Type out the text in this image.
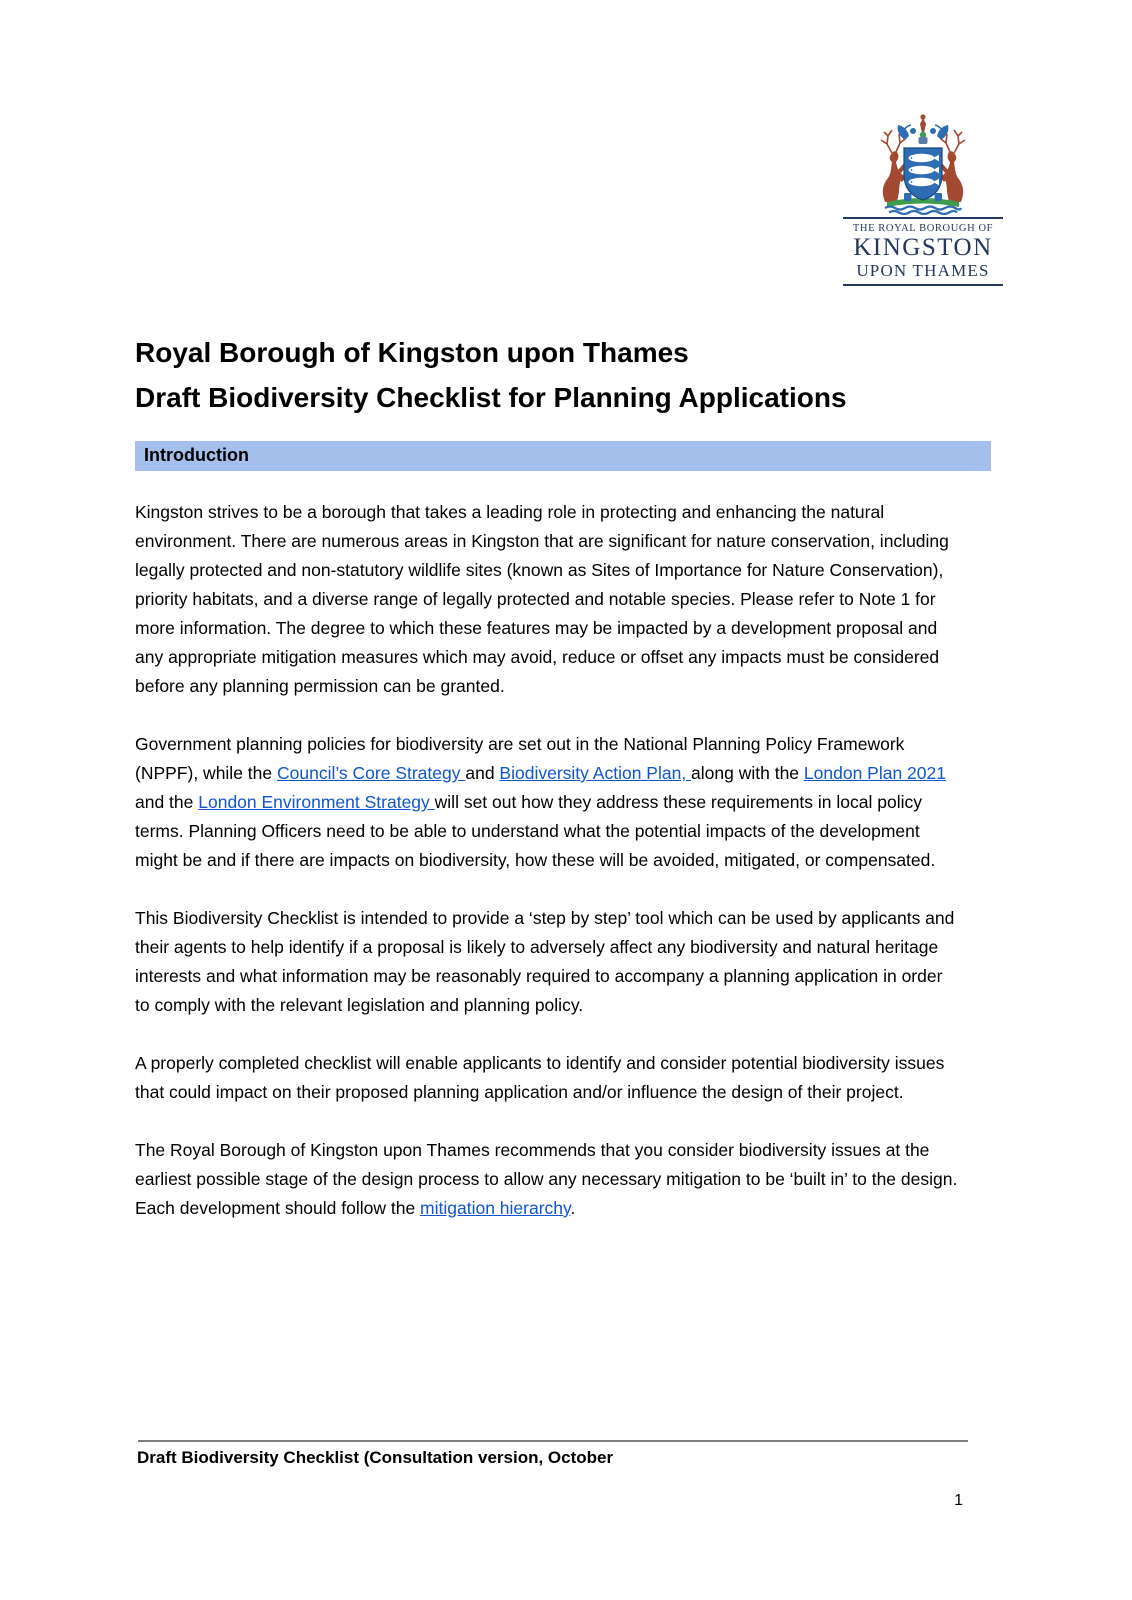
THE ROYAL BOROUGH OF
KINGSTON
UPON THAMES
Royal Borough of Kingston upon Thames
Draft Biodiversity Checklist for Planning Applications
Introduction

Kingston strives to be a borough that takes a leading role in protecting and enhancing the natural environment. There are numerous areas in Kingston that are significant for nature conservation, including legally protected and non-statutory wildlife sites (known as Sites of Importance for Nature Conservation), priority habitats, and a diverse range of legally protected and notable species. Please refer to Note 1 for more information. The degree to which these features may be impacted by a development proposal and any appropriate mitigation measures which may avoid, reduce or offset any impacts must be considered before any planning permission can be granted.

Government planning policies for biodiversity are set out in the National Planning Policy Framework (NPPF), while the Council’s Core Strategy and Biodiversity Action Plan, along with the London Plan 2021 and the London Environment Strategy will set out how they address these requirements in local policy terms. Planning Officers need to be able to understand what the potential impacts of the development might be and if there are impacts on biodiversity, how these will be avoided, mitigated, or compensated.

This Biodiversity Checklist is intended to provide a ‘step by step’ tool which can be used by applicants and their agents to help identify if a proposal is likely to adversely affect any biodiversity and natural heritage interests and what information may be reasonably required to accompany a planning application in order to comply with the relevant legislation and planning policy.

A properly completed checklist will enable applicants to identify and consider potential biodiversity issues that could impact on their proposed planning application and/or influence the design of their project.

The Royal Borough of Kingston upon Thames recommends that you consider biodiversity issues at the earliest possible stage of the design process to allow any necessary mitigation to be ‘built in’ to the design. Each development should follow the mitigation hierarchy.

Draft Biodiversity Checklist (Consultation version, October
1
